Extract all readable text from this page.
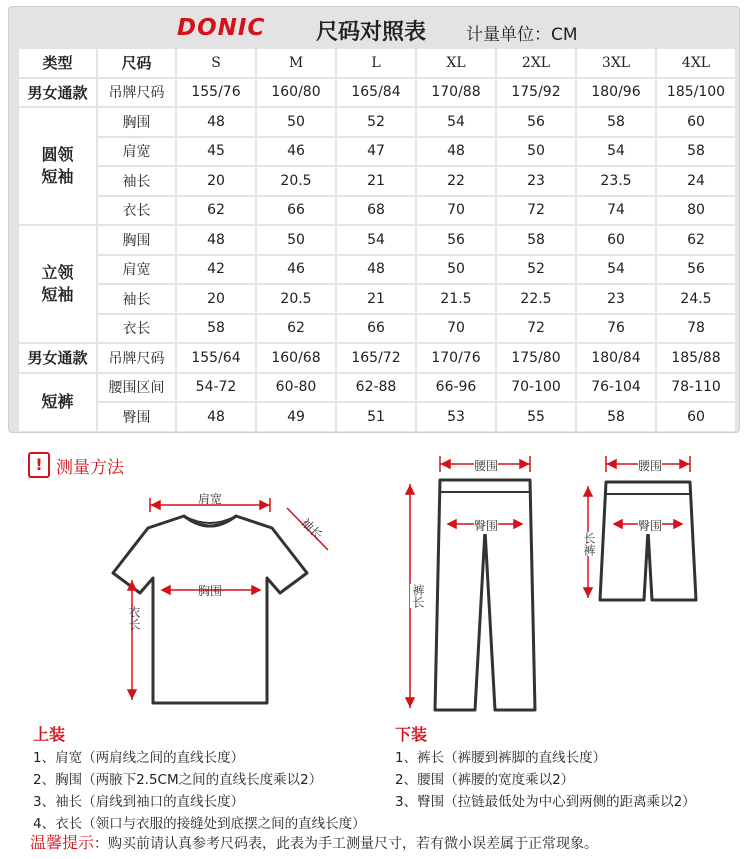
DONIC 尺码对照表 计量单位：CM
类型	尺码	S	M	L	XL	2XL	3XL	4XL
男女通款	吊牌尺码	155/76	160/80	165/84	170/88	175/92	180/96	185/100
圆领短袖	胸围	48	50	52	54	56	58	60
	肩宽	45	46	47	48	50	54	58
	袖长	20	20.5	21	22	23	23.5	24
	衣长	62	66	68	70	72	74	80
立领短袖	胸围	48	50	54	56	58	60	62
	肩宽	42	46	48	50	52	54	56
	袖长	20	20.5	21	21.5	22.5	23	24.5
	衣长	58	62	66	70	72	76	78
男女通款	吊牌尺码	155/64	160/68	165/72	170/76	175/80	180/84	185/88
短裤	腰围区间	54-72	60-80	62-88	66-96	70-100	76-104	78-110
	臀围	48	49	51	53	55	58	60
! 测量方法
肩宽
胸围
衣长
袖长
腰围
臀围
裤长
腰围
臀围
长裤
上装
1、肩宽（两肩线之间的直线长度）
2、胸围（两腋下2.5CM之间的直线长度乘以2）
3、袖长（肩线到袖口的直线长度）
4、衣长（领口与衣服的接缝处到底摆之间的直线长度）
下装
1、裤长（裤腰到裤脚的直线长度）
2、腰围（裤腰的宽度乘以2）
3、臀围（拉链最低处为中心到两侧的距离乘以2）
温馨提示：购买前请认真参考尺码表，此表为手工测量尺寸，若有微小误差属于正常现象。
